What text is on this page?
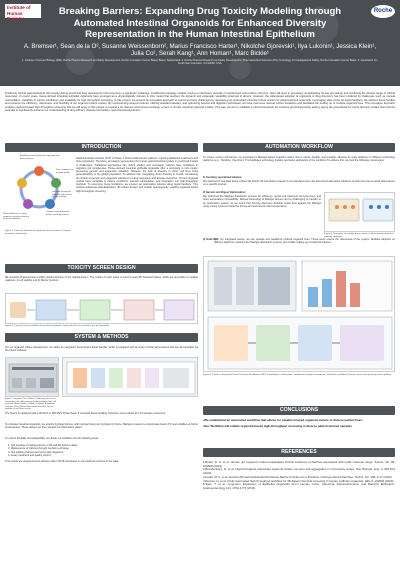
Institute of Human Biology
Roche
Breaking Barriers: Expanding Drug Toxicity Modeling through Automated Intestinal Organoids for Enhanced Diversity Representation in the Human Intestinal Epithelium
A. Bremser¹, Sean de la O², Susanne Weissenborn², Marius Francisco Harter¹, Nikolche Gjorevski¹, Ilya Lukonin¹, Jessica Klein¹, Julia Co¹, Serah Kang¹, Ann Homan¹, Marc Bickle¹
1. Institute of Human Biology (IHB), Roche Pharma Research and Early Development, Roche Innovation Center Basel, Basel, Switzerland. 2. Roche Pharma Research and Early Development, Pharmaceutical Sciences (PS), Toxicology & Investigational Safety, Roche Innovation Center Basel. 3. Genentech Inc. South San Francisco, CA 94080, USA.
Predicting clinical gastrointestinal (GI) toxicity during preclinical drug development has long been a significant challenge. Traditional toxicology models, relying on laboratory animals or transformed monoculture cell lines, often fall short in accurately recapitulating human physiology and predicting the diverse range of clinical responses. In recent years, tissue-derived intestinal epithelial organoids have emerged as a physiologically relevant in vitro model that resolves the dynamic and epigenetic variability observed in donors. However, the widespread adoption of organoids in drug discovery has been hindered by challenges such as manual manipulation, variability in culture conditions, and scalability for high-throughput screening. In this project, we present an innovative approach to overcome these challenges by developing an automated universal culture system for patient-derived organoids. Leveraging state-of-the-art liquid handlers, we address these hurdles and enhance the efficiency, robustness, and flexibility of our organoid culture system. By implementing arrayed cultures, utilizing standard labware, and optimizing harvest and digestion techniques, we have overcome manual culture limitations and facilitated the scaling up of multiple organoid lines. This innovation approach enables organoid-based high-throughput screening that we will apply to this project to expand a GI-relevant and human toxicology screen in human intestinal organoid models. This way, we aim to establish a robust framework for inclusive preclinical toxicity testing, laying the groundwork for future diversity studies that hold the potential to significantly enhance our understanding of drug efficacy, disease biomarkers, and pharmacodynamics.
INTRODUCTION
Establish matured epithelial organoids from diverse donors
Donor samples are of good quality
Use high throughput methods and tests for toxicity of drugs
Compare toxicity between donors and drug classes
Relate differences in drug response to patient diversity for future individual
Figure 1. Diversity, Selection of expansion: diverse donors. Diagram of patient cohort study.
Gastrointestinal toxicities (GIT) in Phase 1 clinical trials burden patients, requiring additional treatments and dose reductions. Therefore, accurately representing the human gastrointestinal system in preclinical models is challenging. Traditional approaches like rodent studies and monolayer cultures have limitations in capturing gut complexities. Tissue-derived intestinal epithelial organoids offer a promising in vitro model, preserving genetic and epigenetic variability. However, the lack of diversity in donor cell lines limits generalizability to the global population. To address this, integrating donor diversity is crucial, considering the impact of genetic and epigenetic variations on drug responses and disease outcomes. Current organoid models have variability in culture conditions, manual manipulation, and integration into high-throughput methods. To overcome these limitations, we present an automation solution using liquid handlers. This solution addresses standardization, 3D culture design, and cellular heterogeneity, enabling organoid-based high-throughput screening.
TOXICITY SCREEN DESIGN
3D Intestinal Organoid lines exhibit cellular diversity of the original tissue¹. The culture of each donor is used to seed 3D Transwell plates, which are amenable to multiple readouts: 1) cell viability and 2) Barrier function.¹
Figure 2. Diversity Screen workflow of intestinal organoids. Organoids of tissue created in per as Transwells
SYSTEM & METHODS
For our organoid culture development, we utilize an integrated Tecan Fluent liquid handler, which is equipped with an array of third party devices that are all controlled via the Fluent software.
Figure 3. Integrated Tecan Fluent. Third party devices are connected to the different arms of the workdeck (top). Left enclosed, Heater Shaker, Chilled Centrifuge, Automated Incubator, Plate Washer, Automated Incubator. Top are modules of our Fluent set-up.
The Fluent is equipped with a 96 MCA or 384 Multi Probe Head, 8 on-board liquid handling channels, and a robotic arm for labware movement.
To cultivate intestinal organoids, we employ hydrogel domes, with matrigel being our hydrogel of choice. Matrigel remains in a liquid state below 4°C and solidifies at higher temperatures. These domes are then seeded onto flat bottom plates.
To ensure flexibility and adaptability, we divide our workflow into the following steps:
1. Cell seeding of matrigel domes in 96 well flat bottom plates
2. Maintenance of cultures through medium exchange
3. Cell splitting (harvest and enzymatic digestion)
4. Assay treatment and quality control
This scripts are programmed to achieve either full 96-well plates or user-defined columns of the plate.
AUTOMATION WORKFLOW
To ensure system robustness, we developed a Matrigel-based organoid culture that is robust, flexible, and modular, allowing for easy adoption on different technology platforms (e.g., Hamilton, Opentron). This facilitates technology transfer and wider application of the workflow. To achieve this, we took the following crucial steps:
1) Avoiding specialized labware:
We switched to standard tissue culture flat bottom 96-well plates instead of non-standard ones. We also found alternative solutions to wide bore tips to avoid dependence on a specific product.
2) Harvest and Digest Optimization:
We optimized the Matrigel dissolution process for efficiency, gentle cell treatment (enzyme-free), and room temperature compatibility. Manual harvesting of Matrigel domes can be challenging to transfer to an automation system, as we found that Corning Recovery Solution works best against the Matrigel using mixing cycles to break the domes and well and at room temperature.
Figure 4. Schematic of matrigel donor culture in 96 flat bottom plate and pipetting strategies
3) Scale Up:
With our integrated device, we can upscale and parallelize multiple organoid lines. These steps ensure the robustness of the system, facilitate adoption on different platforms, optimize the Matrigel dissolution process, and enable scaling up of organoid cultures.
Figure 5. Details of Integrated Fluent Deck and Workflow for MPS (cultivating in culture plate. Stabilization reagent comparison. Schematic workflow of Tecan scripts with upcoming parent splitting.
CONCLUSIONS
•We established an automated workflow that allows for parallel arrayed organoid culture of diverse patient lines.
•Our Workflow will enable organoid-based high-throughput screening in diverse patient derived samples
REFERENCES
1.Beiter, D. G. et al. Human gut organoid model recapitulates clinical incidence of diarrhea associated with small molecule drugs. Toxicol. Vitr. 88, 105528 (2023).
2.Brandenberg, N. et al. High-throughput automated organoid culture via stem-cell aggregation in microcavity arrays. Nat. Biomed. Eng. 4, 863-874 (2020).
3.Fetah, M. K. et al. Human 3D Gastrointestinal Microtissue Barrier Function As a Predictor of Drug-Induced Diarrhea. Toxicol. Sci. 168, 3-17 (2019).
4.Renner, H. et al. A fully automated high-throughput workflow for 3D-based chemical screening in human midbrain organoids. Elife 9, e52904 (2020).
5.Sato, T. et al. Long-term Expansion of Epithelial Organoids From Human Colon, Adenoma, Adenocarcinoma, and Barrett's Epithelium. Gastroenterology 141, 1762-1772 (2011).
